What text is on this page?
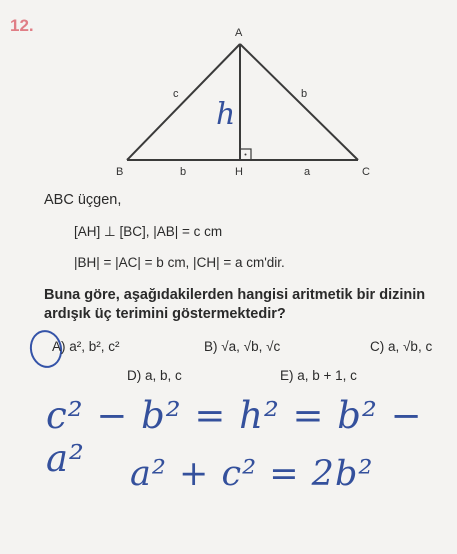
12.	A
B	C
H
c	b
b	a
h
ABC üçgen,
[AH] ⊥ [BC], |AB| = c cm
|BH| = |AC| = b cm, |CH| = a cm'dir.
Buna göre, aşağıdakilerden hangisi aritmetik bir dizinin ardışık üç terimini göstermektedir?
A) a², b², c²	B) √a, √b, √c	C) a, √b, c
D) a, b, c	E) a, b + 1, c
c² − b² = h² = b² − a²	a² + c² = 2b²
